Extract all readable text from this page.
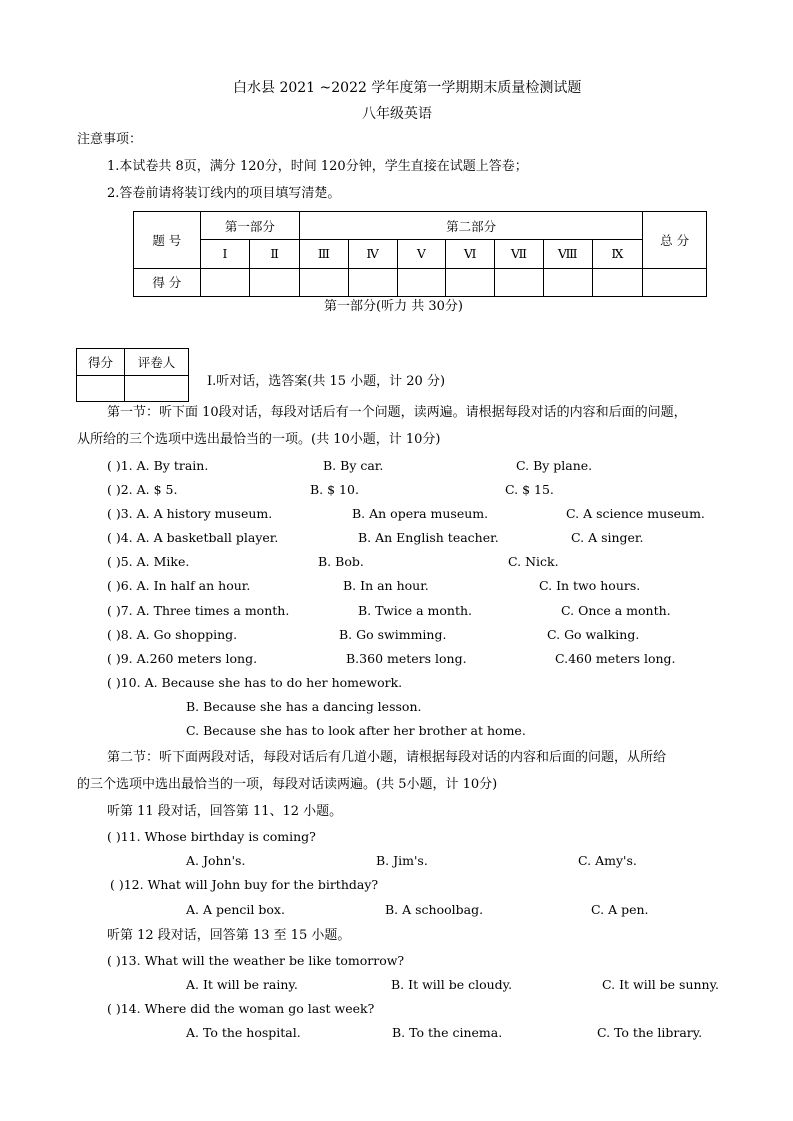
白水县 2021 ~2022 学年度第一学期期末质量检测试题
八年级英语
注意事项：
1.本试卷共 8页，满分 120分，时间 120分钟，学生直接在试题上答卷；
2.答卷前请将装订线内的项目填写清楚。
题 号	第一部分		第二部分							总 分
	Ⅰ	Ⅱ	Ⅲ	Ⅳ	Ⅴ	Ⅵ	Ⅶ	Ⅷ	Ⅸ	
得 分										
第一部分(听力 共 30分)
得分	评卷人

Ⅰ.听对话，选答案(共 15 小题，计 20 分)
第一节：听下面 10段对话，每段对话后有一个问题，读两遍。请根据每段对话的内容和后面的问题，
从所给的三个选项中选出最恰当的一项。(共 10小题，计 10分)
( )1. A. By train.	B. By car.	C. By plane.
( )2. A. $ 5.	B. $ 10.	C. $ 15.
( )3. A. A history museum.	B. An opera museum.	C. A science museum.
( )4. A. A basketball player.	B. An English teacher.	C. A singer.
( )5. A. Mike.	B. Bob.	C. Nick.
( )6. A. In half an hour.	B. In an hour.	C. In two hours.
( )7. A. Three times a month.	B. Twice a month.	C. Once a month.
( )8. A. Go shopping.	B. Go swimming.	C. Go walking.
( )9. A.260 meters long.	B.360 meters long.	C.460 meters long.
( )10. A. Because she has to do her homework.
B. Because she has a dancing lesson.
C. Because she has to look after her brother at home.
第二节：听下面两段对话，每段对话后有几道小题，请根据每段对话的内容和后面的问题，从所给
的三个选项中选出最恰当的一项，每段对话读两遍。(共 5小题，计 10分)
听第 11 段对话，回答第 11、12 小题。
( )11. Whose birthday is coming?
A. John's.	B. Jim's.	C. Amy's.
( )12. What will John buy for the birthday?
A. A pencil box.	B. A schoolbag.	C. A pen.
听第 12 段对话，回答第 13 至 15 小题。
( )13. What will the weather be like tomorrow?
A. It will be rainy.	B. It will be cloudy.	C. It will be sunny.
( )14. Where did the woman go last week?
A. To the hospital.	B. To the cinema.	C. To the library.
